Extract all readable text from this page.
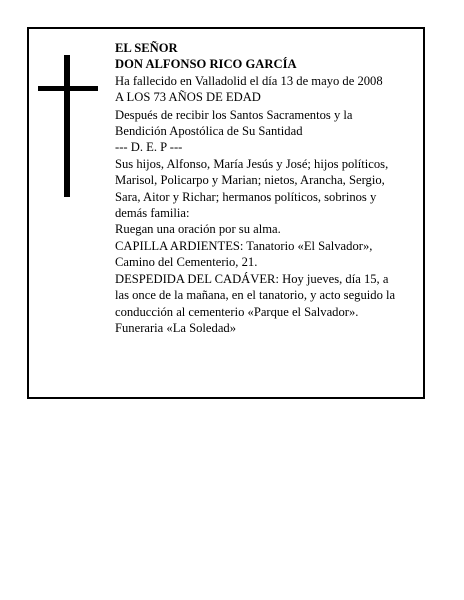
EL SEÑOR
DON ALFONSO RICO GARCÍA
Ha fallecido en Valladolid el día 13 de mayo de 2008
A LOS 73 AÑOS DE EDAD
Después de recibir los Santos Sacramentos y la
Bendición Apostólica de Su Santidad
--- D. E. P ---
Sus hijos, Alfonso, María Jesús y José; hijos políticos,
Marisol, Policarpo y Marian; nietos, Arancha, Sergio,
Sara, Aitor y Richar; hermanos políticos, sobrinos y
demás familia:
Ruegan una oración por su alma.
CAPILLA ARDIENTES: Tanatorio «El Salvador»,
Camino del Cementerio, 21.
DESPEDIDA DEL CADÁVER: Hoy jueves, día 15, a
las once de la mañana, en el tanatorio, y acto seguido la
conducción al cementerio «Parque el Salvador».
Funeraria «La Soledad»
